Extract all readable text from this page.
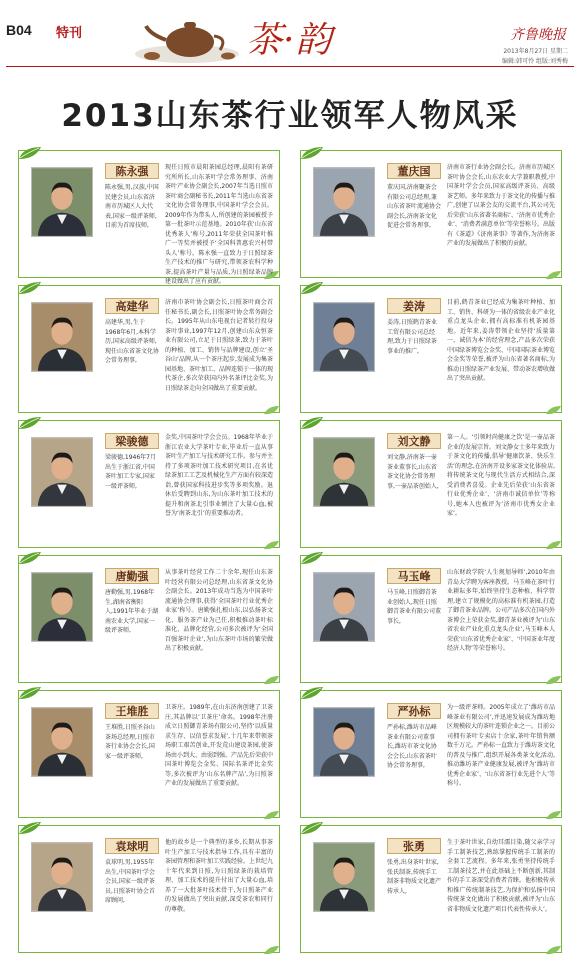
B04 特刊	茶·韵	齐鲁晚报
2013年8月27日 星期二
编辑:韩可怜 组版:刘秀梅
2013山东茶行业领军人物风采
陈永强
陈永强,男,汉族,中国民建会员,山东省济南市历城区人大代表,国家一级评茶师,目前为首席技师,
现任日照市晨阳茶园总经理,晨阳有茶研究所所长,山东茶叶学会常务理事、济南茶叶产业协会副会长,2007年当选日照市茶叶商会副秘书长,2011年当选山东省茶文化协会常务理事,中国茶叶学会会员。2009年作为带头人,所创建的茶园被授予第一批茶叶示范基地。2010年获‘山东省优秀茶人’称号,2011年荣获全国茶叶推广一等奖并被授予‘全国科普惠农兴村带头人’称号。陈永强一直致力于日照绿茶生产技术的推广与研究,带领茶农科学种茶,提高茶叶产量与品质,为日照绿茶品牌建设做出了应有贡献。
董庆国
董庆国,济南聚茶会有限公司总经理,兼山东省茶叶流通协会副会长,济南茶文化促进会常务理事,
济南市茶行业协会副会长。济南市历城区茶叶协会会长,山东农业大学兼职教授,中国茶叶学会会员,国家高级评茶员、高级茶艺师。多年来致力于茶文化的传播与推广,创建了以茶会友的交流平台,其公司先后荣获‘山东省著名商标’、‘济南市优秀企业’、‘消费者满意单位’等荣誉称号。出版有《茶道》《济南茶事》等著作,为济南茶产业的发展做出了积极的贡献。
高建华
高建华,男,生于1968年6月,本科学历,国家高级评茶师,现任山东省茶文化协会常务理事,
济南市茶叶协会副会长,日照茶叶商会首任秘书长,副会长,日照茶叶协会常务副会长。1995年从山东电视台记者转行投身茶叶事业,1997年12月,创建山东众恒茶业有限公司,立足于日照绿茶,致力于茶叶的种植、加工、销售与品牌建设,创立‘圣谷山’品牌,从一个茶庄起步,发展成为集茶园基地、茶叶加工、品牌连锁于一体的现代茶企,多次荣获国内外名茶评比金奖,为日照绿茶走向全国做出了重要贡献。
姜涛
姜涛,日照鹤青茶业工贸有限公司总经理,致力于日照绿茶事业的推广,
目前,鹤青茶业已经成为集茶叶种植、加工、销售、科研为一体的省级农业产业化重点龙头企业,拥有高标准有机茶园基地。近年来,姜涛带领企业坚持‘质量第一、诚信为本’的经营理念,产品多次荣获中国绿茶博览会金奖、中国国际茶业博览会金奖等荣誉,被评为山东省著名商标,为推动日照绿茶产业发展、带动茶农增收做出了突出贡献。
梁骏德
梁骏德,1946年7月出生于浙江省,中国茶叶加工专家,国家一级评茶师,
金奖,中国茶叶学会会员。1968年毕业于浙江农业大学茶叶专业,毕业后一直从事茶叶生产加工与技术研究工作。参与并主持了多项茶叶加工技术研究项目,在名优绿茶加工工艺及机械化生产方面有较深造诣,曾获国家科技进步奖等多项奖励。退休后受聘到山东,为山东茶叶加工技术的提升和南茶北引事业倾注了大量心血,被誉为‘南茶北引’的重要推动者。
刘文静
刘文静,济南茶一壶茶业董事长,山东省茶文化协会常务理事,一壶品茶创始人,
第一人。‘引领时尚健康之饮’是一壶品茶企业的发展宗旨。刘文静女士多年来致力于茶文化的传播,倡导‘健康饮茶、快乐生活’的理念,在济南开设多家茶文化体验店,将传统茶文化与现代生活方式相结合,深受消费者喜爱。企业先后荣获‘山东省茶行业优秀企业’、‘济南市诚信单位’等称号,她本人也被评为‘济南市优秀女企业家’。
唐勤强
唐勤强,男,1968年生,湖南省衡阳人,1991年毕业于湖南农业大学,国家一级评茶师,
从事茶叶经营工作二十余年,现任山东茶叶经营有限公司总经理,山东省茶文化协会副会长。2013年成功当选为中国茶叶流通协会理事,获得‘全国茶叶行业优秀企业家’称号。唐勤强扎根山东,以弘扬茶文化、服务茶产业为己任,积极推动茶叶标准化、品牌化经营,公司多次被评为‘全国百强茶叶企业’,为山东茶叶市场的繁荣做出了积极贡献。
马玉峰
马玉峰,日照御青茶业创始人,现任日照御青茶业有限公司董事长,
山东财政学院‘人生规划导师’,2010年由青岛大学聘为客座教授。马玉峰在茶叶行业耕耘多年,始终坚持生态种植、科学管理,建立了规模化的高标准有机茶园,打造了御青茶业品牌。公司产品多次在国内外茶博会上荣获金奖,御青茶业被评为‘山东省农业产业化重点龙头企业’,马玉峰本人荣获‘山东省优秀企业家’、‘中国茶业年度经济人物’等荣誉称号。
王堆胜
王堆胜,日照圣谷山茶场总经理,日照市茶行业协会会长,国家一级评茶师,
卫茶庄。1989年,在山东济南创建了卫茶庄,其品牌以‘卫茶庄’命名。1998年注册成立日照御青茶场有限公司,坚持‘以质量求生存、以信誉求发展’,十几年来带领茶场职工艰苦创业,开发荒山建设茶园,使茶场由小到大、由弱到强。产品先后荣获中国茶叶博览会金奖、国际名茶评比金奖等,多次被评为‘山东名牌产品’,为日照茶产业的发展做出了重要贡献。
严孙标
严孙标,潍坊市品峰茶业有限公司董事长,潍坊市茶文化协会会长,山东省茶叶协会常务理事,
为一级评茶师。2005年成立了‘潍坊市品峰茶业有限公司’,并迅速发展成为潍坊地区规模较大的茶叶连锁企业之一。目前公司拥有茶叶专卖店十余家,茶叶年销售额数千万元。严孙标一直致力于潍坊茶文化的普及与推广,组织开展各类茶文化活动,推动潍坊茶产业健康发展,被评为‘潍坊市优秀企业家’、‘山东省茶行业先进个人’等称号。
袁球明
袁球明,男,1955年出生,中国茶叶学会会员,国家一级评茶员,日照茶叶协会首席顾问,
他的故乡是一个典型的茶乡,长期从事茶叶生产加工与技术指导工作,具有丰富的茶园管理和茶叶加工实践经验。上世纪九十年代来到日照,为日照绿茶的栽培管理、加工技术的提升付出了大量心血,培养了一大批茶叶技术骨干,为日照茶产业的发展做出了突出贡献,深受茶农和同行的尊敬。
张勇
张勇,出身茶叶世家,张氏制茶,传统手工制茶非物质文化遗产传承人,
生于茶叶世家,自幼耳濡目染,随父亲学习手工制茶技艺,熟练掌握传统手工制茶的全套工艺流程。多年来,张勇坚持传统手工制茶技艺,并在此基础上不断创新,其制作的手工茶深受消费者青睐。他积极传承和推广传统制茶技艺,为保护和弘扬中国传统茶文化做出了积极贡献,被评为‘山东省非物质文化遗产项目代表性传承人’。
